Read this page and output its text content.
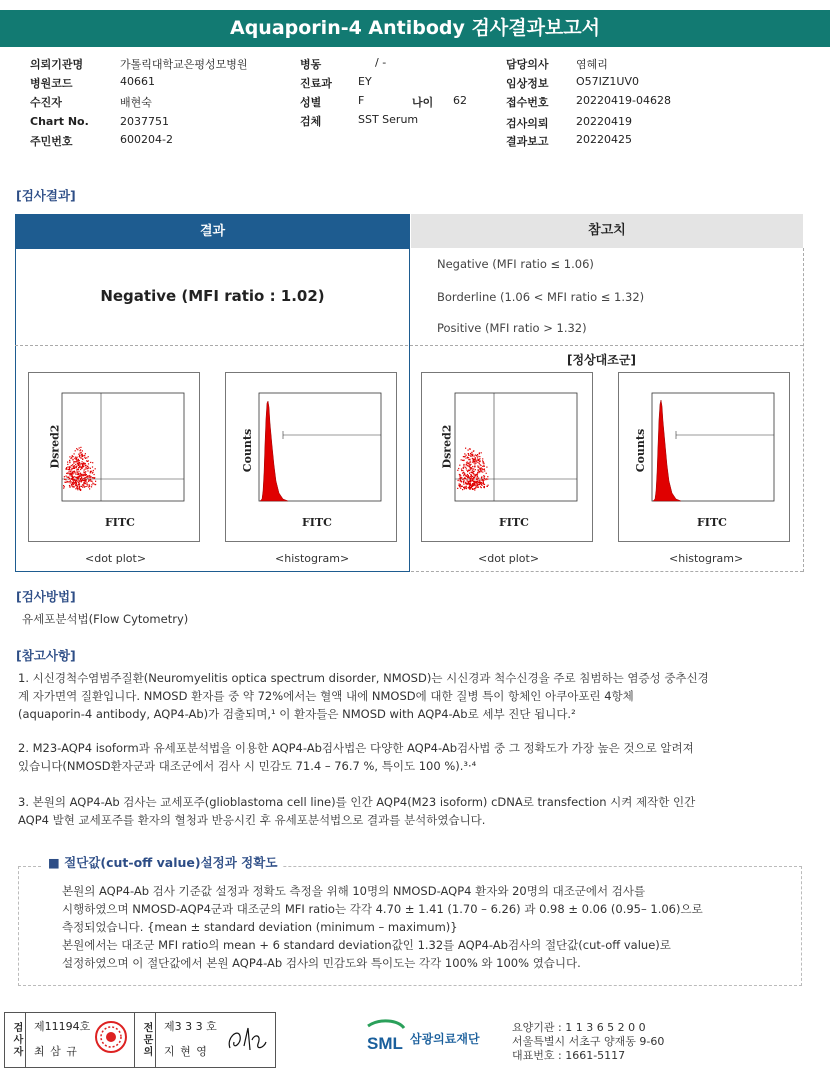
Aquaporin-4 Antibody 검사결과보고서
의뢰기관명	가톨릭대학교은평성모병원
병원코드	40661
수진자	배현숙
Chart No.	2037751
주민번호	600204-2
병동	/ -
진료과 EY
성별	F	나이 62
검체	SST Serum
담당의사 염혜리
임상정보 O57IZ1UV0
접수번호 20220419-04628
검사의뢰 20220419
결과보고 20220425
[검사결과]
결과
Negative (MFI ratio : 1.02)
참고치
Negative (MFI ratio ≤ 1.06)
Borderline (1.06 < MFI ratio ≤ 1.32)
Positive (MFI ratio > 1.32)
[정상대조군]
Dsred2	Counts	Dsred2	Counts
FITC	FITC	FITC	FITC
<dot plot>	<histogram>	<dot plot>	<histogram>
[검사방법]
유세포분석법(Flow Cytometry)
[참고사항]
1. 시신경척수염범주질환(Neuromyelitis optica spectrum disorder, NMOSD)는 시신경과 척수신경을 주로 침범하는 염증성 중추신경
계 자가면역 질환입니다. NMOSD 환자를 중 약 72%에서는 혈액 내에 NMOSD에 대한 질병 특이 항체인 아쿠아포린 4항체
(aquaporin-4 antibody, AQP4-Ab)가 검출되며,¹ 이 환자들은 NMOSD with AQP4-Ab로 세부 진단 됩니다.²
2. M23-AQP4 isoform과 유세포분석법을 이용한 AQP4-Ab검사법은 다양한 AQP4-Ab검사법 중 그 정확도가 가장 높은 것으로 알려져
있습니다(NMOSD환자군과 대조군에서 검사 시 민감도 71.4 – 76.7 %, 특이도 100 %).³·⁴
3. 본원의 AQP4-Ab 검사는 교세포주(glioblastoma cell line)를 인간 AQP4(M23 isoform) cDNA로 transfection 시켜 제작한 인간
AQP4 발현 교세포주를 환자의 혈청과 반응시킨 후 유세포분석법으로 결과를 분석하였습니다.
■ 절단값(cut-off value)설정과 정확도
본원의 AQP4-Ab 검사 기준값 설정과 정확도 측정을 위해 10명의 NMOSD-AQP4 환자와 20명의 대조군에서 검사를
시행하였으며 NMOSD-AQP4군과 대조군의 MFI ratio는 각각 4.70 ± 1.41 (1.70 – 6.26) 과 0.98 ± 0.06 (0.95– 1.06)으로
측정되었습니다. {mean ± standard deviation (minimum – maximum)}
본원에서는 대조군 MFI ratio의 mean + 6 standard deviation값인 1.32를 AQP4-Ab검사의 절단값(cut-off value)로
설정하였으며 이 절단값에서 본원 AQP4-Ab 검사의 민감도와 특이도는 각각 100% 와 100% 였습니다.
검사자	제11194호
최 삼 규	전문의	제3 3 3 호
지 현 영	SML 삼광의료재단
요양기관 : 1 1 3 6 5 2 0 0
서울특별시 서초구 양재동 9-60
대표번호 : 1661-5117
